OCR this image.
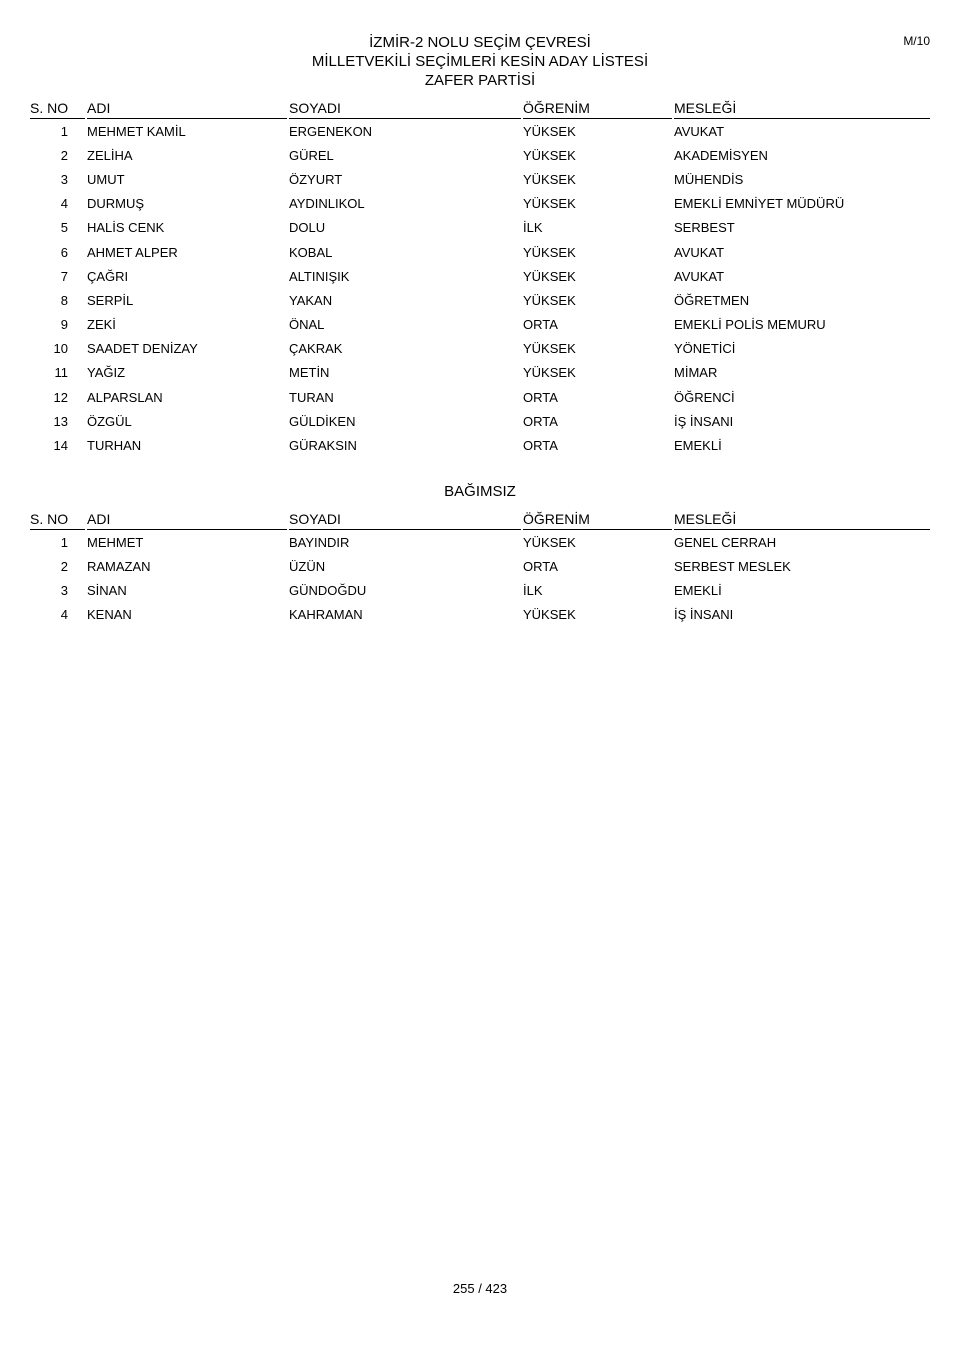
M/10
İZMİR-2 NOLU SEÇİM ÇEVRESİ
MİLLETVEKİLİ SEÇİMLERİ KESİN ADAY LİSTESİ
ZAFER PARTİSİ
S. NO		ADI		SOYADI		ÖĞRENİM		MESLEĞİ
1		MEHMET KAMİL		ERGENEKON		YÜKSEK		AVUKAT
2		ZELİHA		GÜREL		YÜKSEK		AKADEMİSYEN
3		UMUT		ÖZYURT		YÜKSEK		MÜHENDİS
4		DURMUŞ		AYDINLIKOL		YÜKSEK		EMEKLİ EMNİYET MÜDÜRÜ
5		HALİS CENK		DOLU		İLK		SERBEST
6		AHMET ALPER		KOBAL		YÜKSEK		AVUKAT
7		ÇAĞRI		ALTINIŞIK		YÜKSEK		AVUKAT
8		SERPİL		YAKAN		YÜKSEK		ÖĞRETMEN
9		ZEKİ		ÖNAL		ORTA		EMEKLİ POLİS MEMURU
10		SAADET DENİZAY		ÇAKRAK		YÜKSEK		YÖNETİCİ
11		YAĞIZ		METİN		YÜKSEK		MİMAR
12		ALPARSLAN		TURAN		ORTA		ÖĞRENCİ
13		ÖZGÜL		GÜLDİKEN		ORTA		İŞ İNSANI
14		TURHAN		GÜRAKSIN		ORTA		EMEKLİ
BAĞIMSIZ
S. NO		ADI		SOYADI		ÖĞRENİM		MESLEĞİ
1		MEHMET		BAYINDIR		YÜKSEK		GENEL CERRAH
2		RAMAZAN		ÜZÜN		ORTA		SERBEST MESLEK
3		SİNAN		GÜNDOĞDU		İLK		EMEKLİ
4		KENAN		KAHRAMAN		YÜKSEK		İŞ İNSANI
255 / 423
